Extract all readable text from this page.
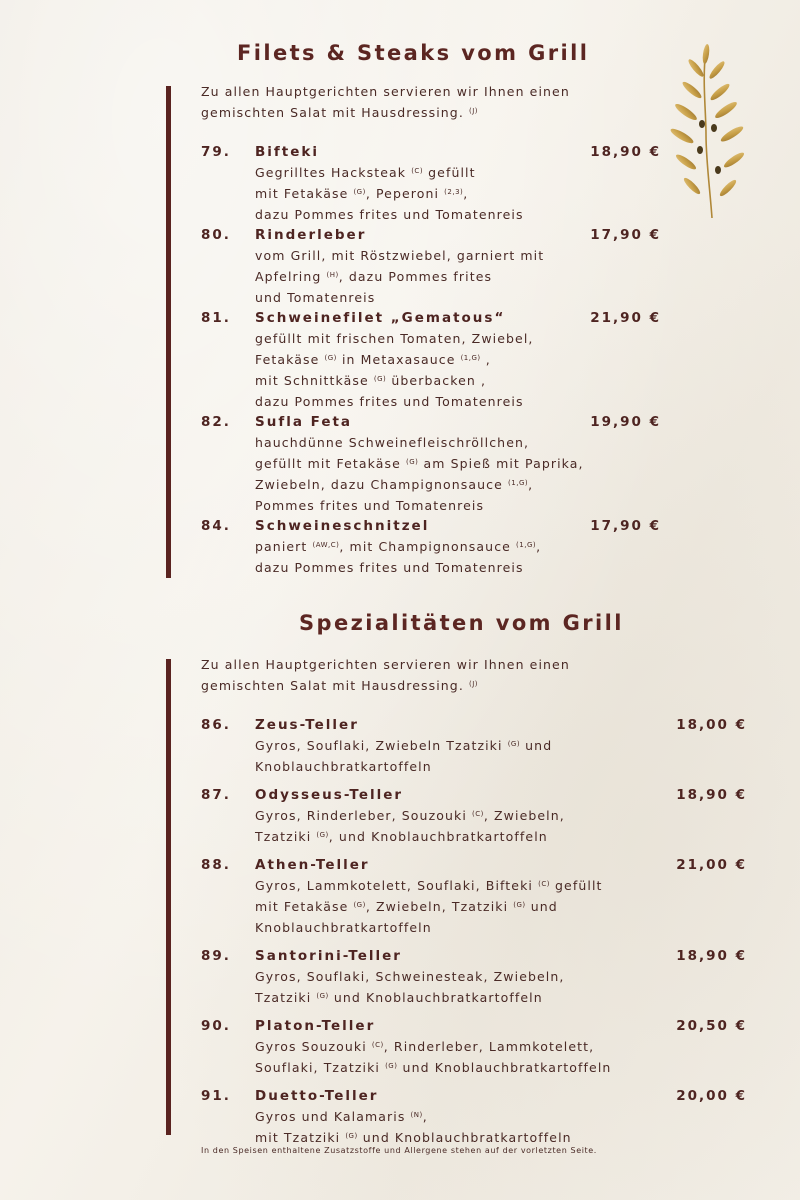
Filets & Steaks vom Grill

Zu allen Hauptgerichten servieren wir Ihnen einen
gemischten Salat mit Hausdressing. $^{(J)}$

79. Bifteki	18,90 €
Gegrilltes Hacksteak $^{(C)}$ gefüllt
mit Fetakäse $^{(G)}$, Peperoni $^{(2,3)}$,
dazu Pommes frites und Tomatenreis
80. Rinderleber	17,90 €
vom Grill, mit Röstzwiebel, garniert mit
Apfelring $^{(H)}$, dazu Pommes frites
und Tomatenreis
81. Schweinefilet „Gematous“	21,90 €
gefüllt mit frischen Tomaten, Zwiebel,
Fetakäse $^{(G)}$ in Metaxasauce $^{(1,G)}$ ,
mit Schnittkäse $^{(G)}$ überbacken ,
dazu Pommes frites und Tomatenreis
82. Sufla Feta	19,90 €
hauchdünne Schweinefleischröllchen,
gefüllt mit Fetakäse $^{(G)}$ am Spieß mit Paprika,
Zwiebeln, dazu Champignonsauce $^{(1,G)}$,
Pommes frites und Tomatenreis
84. Schweineschnitzel	17,90 €
paniert $^{(AW,C)}$, mit Champignonsauce $^{(1,G)}$,
dazu Pommes frites und Tomatenreis
Spezialitäten vom Grill

Zu allen Hauptgerichten servieren wir Ihnen einen
gemischten Salat mit Hausdressing. $^{(J)}$

86. Zeus-Teller	18,00 €
Gyros, Souflaki, Zwiebeln Tzatziki $^{(G)}$ und
Knoblauchbratkartoffeln
87. Odysseus-Teller	18,90 €
Gyros, Rinderleber, Souzouki $^{(C)}$, Zwiebeln,
Tzatziki $^{(G)}$, und Knoblauchbratkartoffeln
88. Athen-Teller	21,00 €
Gyros, Lammkotelett, Souflaki, Bifteki $^{(C)}$ gefüllt
mit Fetakäse $^{(G)}$, Zwiebeln, Tzatziki $^{(G)}$ und
Knoblauchbratkartoffeln
89. Santorini-Teller	18,90 €
Gyros, Souflaki, Schweinesteak, Zwiebeln,
Tzatziki $^{(G)}$ und Knoblauchbratkartoffeln
90. Platon-Teller	20,50 €
Gyros Souzouki $^{(C)}$, Rinderleber, Lammkotelett,
Souflaki, Tzatziki $^{(G)}$ und Knoblauchbratkartoffeln
91. Duetto-Teller	20,00 €
Gyros und Kalamaris $^{(N)}$,
mit Tzatziki $^{(G)}$ und Knoblauchbratkartoffeln

In den Speisen enthaltene Zusatzstoffe und Allergene stehen auf der vorletzten Seite.
